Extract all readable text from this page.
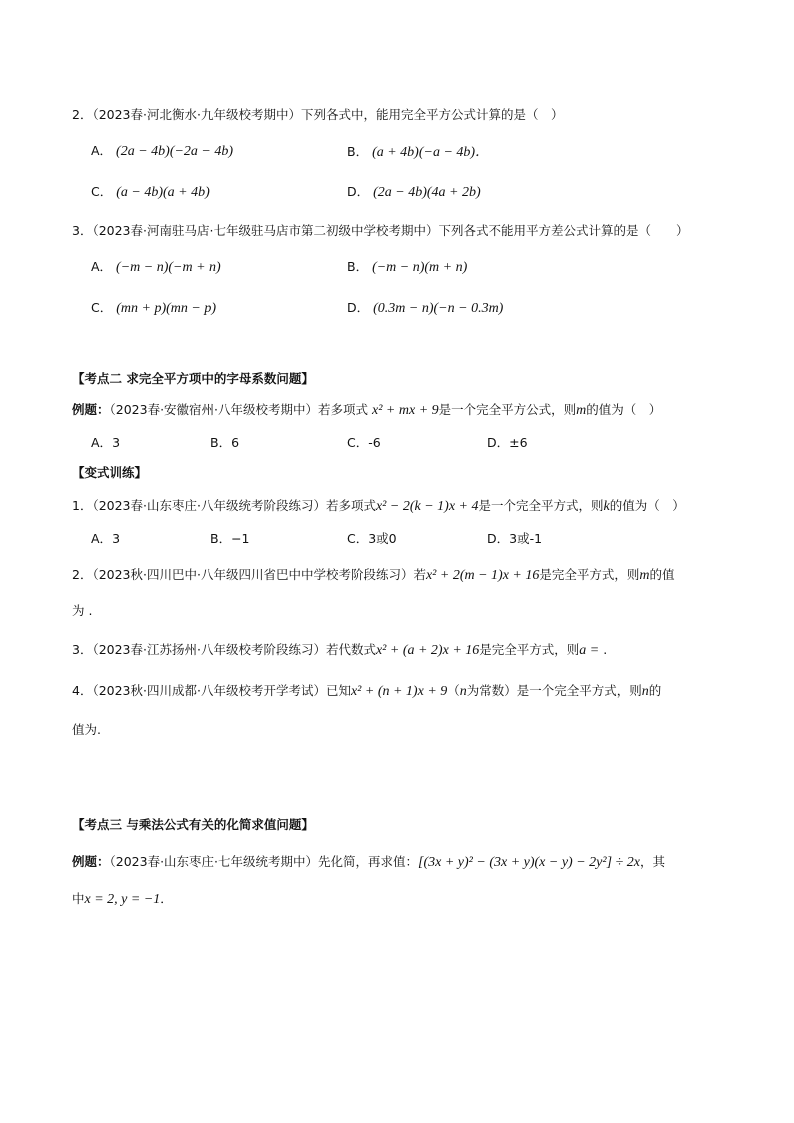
2．（2023春·河北衡水·九年级校考期中）下列各式中，能用完全平方公式计算的是（　）
A． (2a − 4b)(−2a − 4b)	B． (a + 4b)(−a − 4b)．
C． (a − 4b)(a + 4b)	D． (2a − 4b)(4a + 2b)
3．（2023春·河南驻马店·七年级驻马店市第二初级中学校考期中）下列各式不能用平方差公式计算的是（　　）
A． (−m − n)(−m + n)	B． (−m − n)(m + n)
C． (mn + p)(mn − p)	D． (0.3m − n)(−n − 0.3m)
【考点二 求完全平方项中的字母系数问题】
例题：（2023春·安徽宿州·八年级校考期中）若多项式 x² + mx + 9是一个完全平方公式，则m的值为（　）
A．3	B．6	C．-6	D．±6
【变式训练】
1．（2023春·山东枣庄·八年级统考阶段练习）若多项式x² − 2(k − 1)x + 4是一个完全平方式，则k的值为（　）
A．3	B．−1	C．3或0	D．3或-1
2．（2023秋·四川巴中·八年级四川省巴中中学校考阶段练习）若x² + 2(m − 1)x + 16是完全平方式，则m的值
为 .
3．（2023春·江苏扬州·八年级校考阶段练习）若代数式x² + (a + 2)x + 16是完全平方式，则a = .
4．（2023秋·四川成都·八年级校考开学考试）已知x² + (n + 1)x + 9（n为常数）是一个完全平方式，则n的
值为.
【考点三 与乘法公式有关的化简求值问题】
例题：（2023春·山东枣庄·七年级统考期中）先化简，再求值：[(3x + y)² − (3x + y)(x − y) − 2y²] ÷ 2x，其
中x = 2, y = −1．
